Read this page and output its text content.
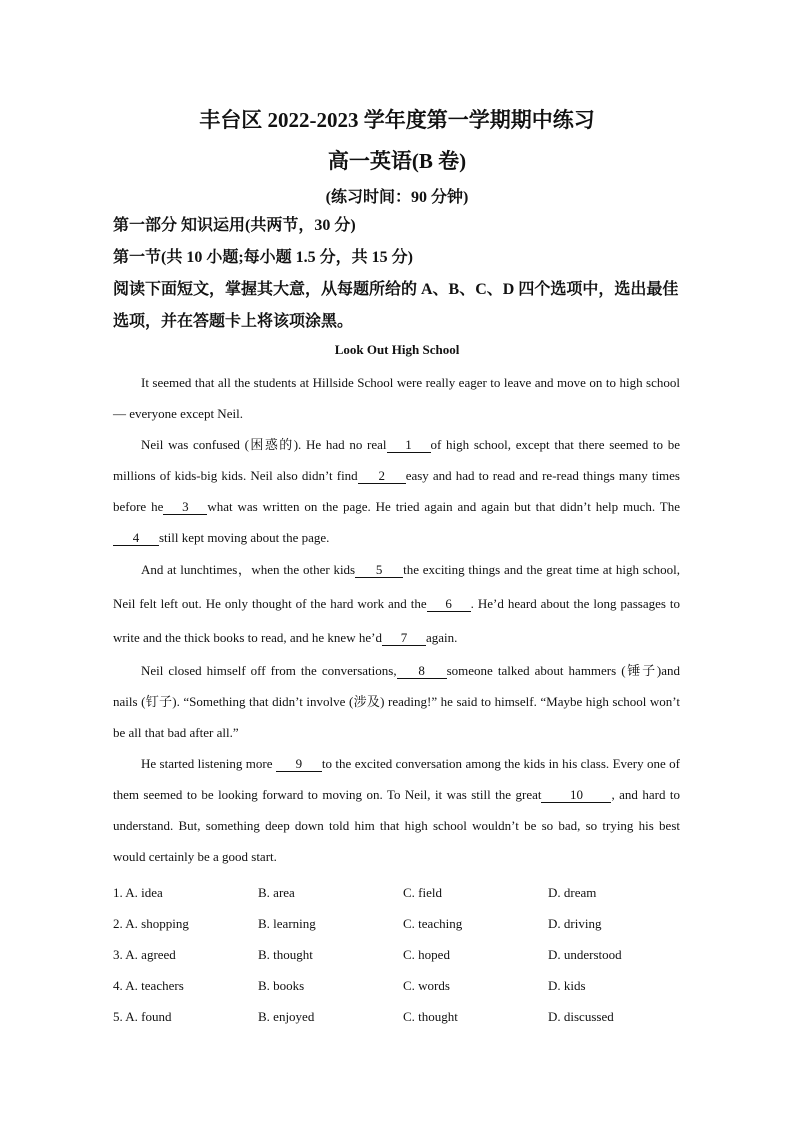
丰台区 2022-2023 学年度第一学期期中练习
高一英语(B 卷)
(练习时间：90 分钟)
第一部分 知识运用(共两节，30 分)
第一节(共 10 小题;每小题 1.5 分，共 15 分)
阅读下面短文，掌握其大意，从每题所给的 A、B、C、D 四个选项中，选出最佳选项，并在答题卡上将该项涂黑。
Look Out High School

It seemed that all the students at Hillside School were really eager to leave and move on to high school — everyone except Neil.

Neil was confused (困惑的). He had no real 1 of high school, except that there seemed to be millions of kids-big kids. Neil also didn’t find 2 easy and had to read and re-read things many times before he 3 what was written on the page. He tried again and again but that didn’t help much. The 4 still kept moving about the page.

And at lunchtimes，when the other kids 5 the exciting things and the great time at high school, Neil felt left out. He only thought of the hard work and the 6 . He’d heard about the long passages to write and the thick books to read, and he knew he’d 7 again.

Neil closed himself off from the conversations, 8 someone talked about hammers (锤子)and nails (钉子). “Something that didn’t involve (涉及) reading!” he said to himself. “Maybe high school won’t be all that bad after all.”

He started listening more 9 to the excited conversation among the kids in his class. Every one of them seemed to be looking forward to moving on. To Neil, it was still the great 10 , and hard to understand. But, something deep down told him that high school wouldn’t be so bad, so trying his best would certainly be a good start.

1. A. idea	B. area	C. field	D. dream
2. A. shopping	B. learning	C. teaching	D. driving
3. A. agreed	B. thought	C. hoped	D. understood
4. A. teachers	B. books	C. words	D. kids
5. A. found	B. enjoyed	C. thought	D. discussed
